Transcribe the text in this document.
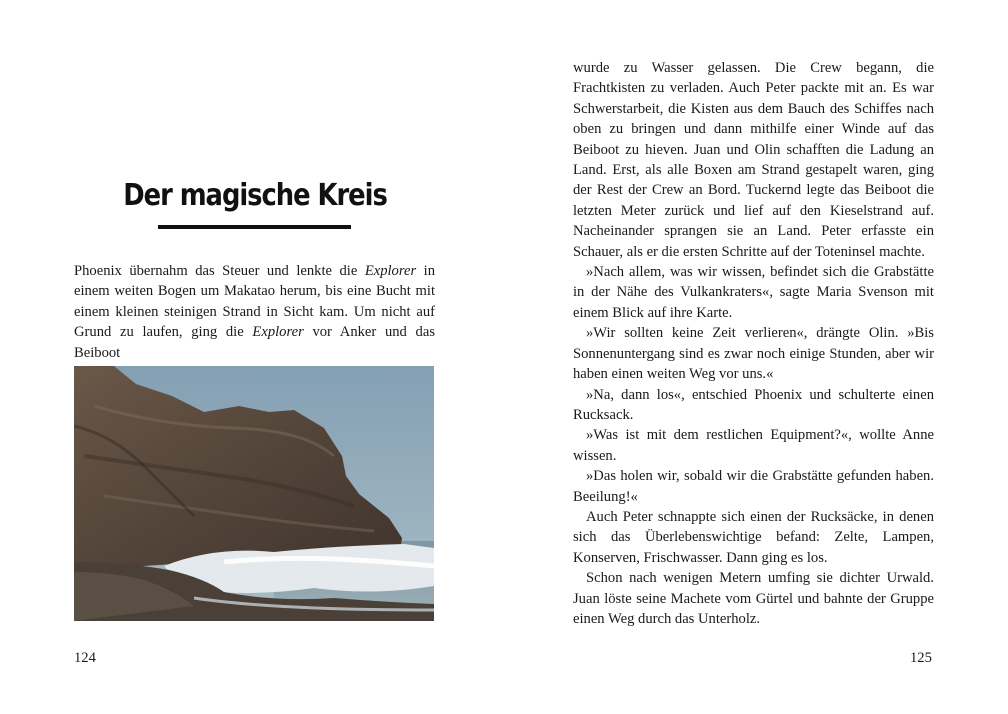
Der magische Kreis

Phoenix übernahm das Steuer und lenkte die Explorer in einem weiten Bogen um Makatao herum, bis eine Bucht mit einem kleinen steinigen Strand in Sicht kam. Um nicht auf Grund zu laufen, ging die Explorer vor Anker und das Beiboot

124

wurde zu Wasser gelassen. Die Crew begann, die Frachtkisten zu verladen. Auch Peter packte mit an. Es war Schwerstarbeit, die Kisten aus dem Bauch des Schiffes nach oben zu bringen und dann mithilfe einer Winde auf das Beiboot zu hieven. Juan und Olin schafften die Ladung an Land. Erst, als alle Boxen am Strand gestapelt waren, ging der Rest der Crew an Bord. Tuckernd legte das Beiboot die letzten Meter zurück und lief auf den Kieselstrand auf. Nacheinander sprangen sie an Land. Peter erfasste ein Schauer, als er die ersten Schritte auf der Toteninsel machte.

»Nach allem, was wir wissen, befindet sich die Grabstätte in der Nähe des Vulkankraters«, sagte Maria Svenson mit einem Blick auf ihre Karte.

»Wir sollten keine Zeit verlieren«, drängte Olin. »Bis Sonnenuntergang sind es zwar noch einige Stunden, aber wir haben einen weiten Weg vor uns.«

»Na, dann los«, entschied Phoenix und schulterte einen Rucksack.

»Was ist mit dem restlichen Equipment?«, wollte Anne wissen.

»Das holen wir, sobald wir die Grabstätte gefunden haben. Beeilung!«

Auch Peter schnappte sich einen der Rucksäcke, in denen sich das Überlebenswichtige befand: Zelte, Lampen, Konserven, Frischwasser. Dann ging es los.

Schon nach wenigen Metern umfing sie dichter Urwald. Juan löste seine Machete vom Gürtel und bahnte der Gruppe einen Weg durch das Unterholz.

125
